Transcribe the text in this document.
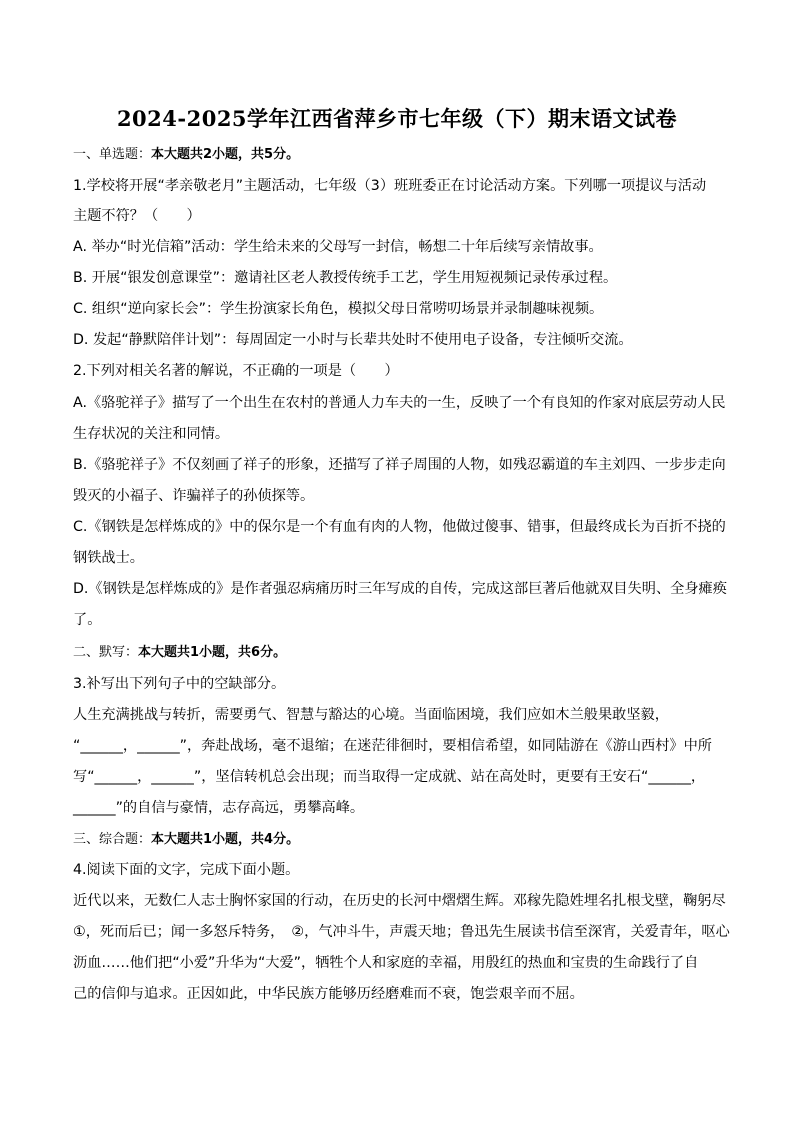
2024-2025学年江西省萍乡市七年级（下）期末语文试卷
一、单选题：本大题共2小题，共5分。
1.学校将开展“孝亲敬老月”主题活动，七年级（3）班班委正在讨论活动方案。下列哪一项提议与活动
主题不符？（　　）
A. 举办“时光信箱”活动：学生给未来的父母写一封信，畅想二十年后续写亲情故事。
B. 开展“银发创意课堂”：邀请社区老人教授传统手工艺，学生用短视频记录传承过程。
C. 组织“逆向家长会”：学生扮演家长角色，模拟父母日常唠叨场景并录制趣味视频。
D. 发起“静默陪伴计划”：每周固定一小时与长辈共处时不使用电子设备，专注倾听交流。
2.下列对相关名著的解说，不正确的一项是（　　）
A.《骆驼祥子》描写了一个出生在农村的普通人力车夫的一生，反映了一个有良知的作家对底层劳动人民
生存状况的关注和同情。
B.《骆驼祥子》不仅刻画了祥子的形象，还描写了祥子周围的人物，如残忍霸道的车主刘四、一步步走向
毁灭的小福子、诈骗祥子的孙侦探等。
C.《钢铁是怎样炼成的》中的保尔是一个有血有肉的人物，他做过傻事、错事，但最终成长为百折不挠的
钢铁战士。
D.《钢铁是怎样炼成的》是作者强忍病痛历时三年写成的自传，完成这部巨著后他就双目失明、全身瘫痪
了。
二、默写：本大题共1小题，共6分。
3.补写出下列句子中的空缺部分。
人生充满挑战与转折，需要勇气、智慧与豁达的心境。当面临困境，我们应如木兰般果敢坚毅，
“______，______”，奔赴战场，毫不退缩；在迷茫徘徊时，要相信希望，如同陆游在《游山西村》中所
写“______，______”，坚信转机总会出现；而当取得一定成就、站在高处时，更要有王安石“______，
______”的自信与豪情，志存高远，勇攀高峰。
三、综合题：本大题共1小题，共4分。
4.阅读下面的文字，完成下面小题。
近代以来，无数仁人志士胸怀家国的行动，在历史的长河中熠熠生辉。邓稼先隐姓埋名扎根戈壁，鞠躬尽
①，死而后已；闻一多怒斥特务，　②，气冲斗牛，声震天地；鲁迅先生展读书信至深宵，关爱青年，呕心
沥血……他们把“小爱”升华为“大爱”，牺牲个人和家庭的幸福，用殷红的热血和宝贵的生命践行了自
己的信仰与追求。正因如此，中华民族方能够历经磨难而不衰，饱尝艰辛而不屈。
